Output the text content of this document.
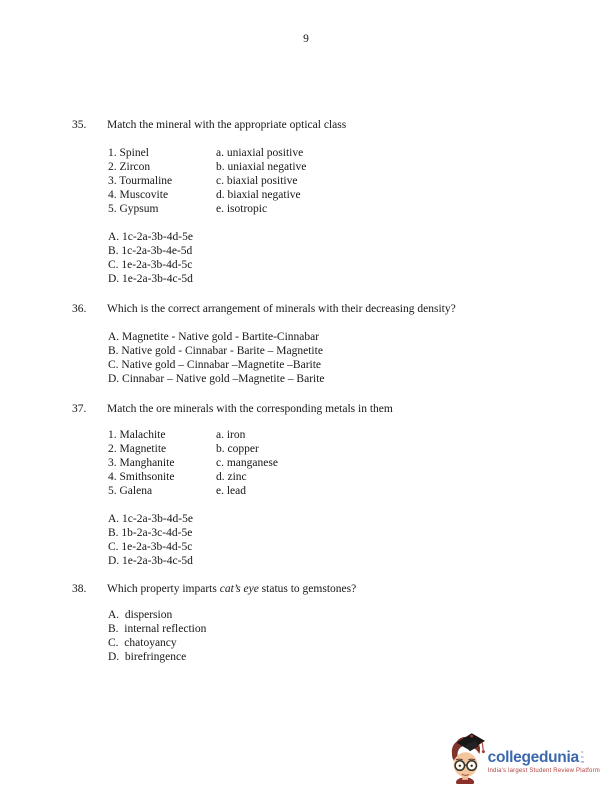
9
35.	Match the mineral with the appropriate optical class
1. Spinel	a. uniaxial positive
2. Zircon	b. uniaxial negative
3. Tourmaline	c. biaxial positive
4. Muscovite	d. biaxial negative
5. Gypsum	e. isotropic
A. 1c-2a-3b-4d-5e
B. 1c-2a-3b-4e-5d
C. 1e-2a-3b-4d-5c
D. 1e-2a-3b-4c-5d
36.	Which is the correct arrangement of minerals with their decreasing density?
A. Magnetite - Native gold - Bartite-Cinnabar
B. Native gold - Cinnabar - Barite – Magnetite
C. Native gold – Cinnabar –Magnetite –Barite
D. Cinnabar – Native gold –Magnetite – Barite
37.	Match the ore minerals with the corresponding metals in them
1. Malachite	a. iron
2. Magnetite	b. copper
3. Manghanite	c. manganese
4. Smithsonite	d. zinc
5. Galena	e. lead
A. 1c-2a-3b-4d-5e
B. 1b-2a-3c-4d-5e
C. 1e-2a-3b-4d-5c
D. 1e-2a-3b-4c-5d
38.	Which property imparts cat’s eye status to gemstones?
A.  dispersion
B.  internal reflection
C.  chatoyancy
D.  birefringence
collegedunia com
India's largest Student Review Platform
